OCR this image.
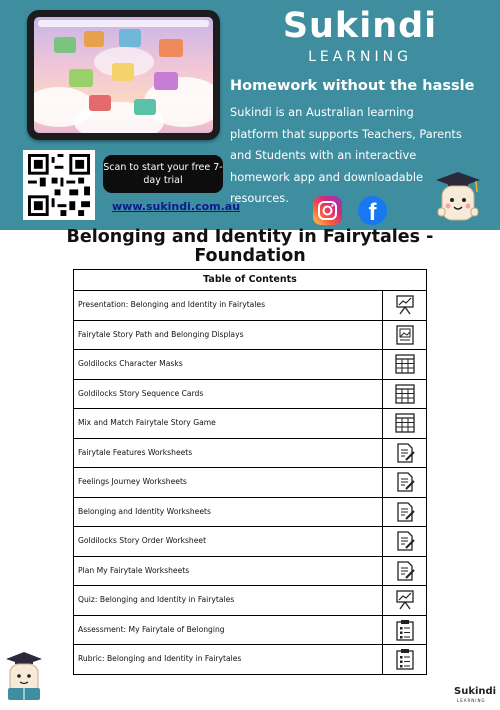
Sukindi
LEARNING
Homework without the hassle
Sukindi is an Australian learning platform that supports Teachers, Parents and Students with an interactive homework app and downloadable resources.
Scan to start your free 7-day trial
www.sukindi.com.au	f
Belonging and Identity in Fairytales - Foundation
Table of Contents
Presentation: Belonging and Identity in Fairytales
Fairytale Story Path and Belonging Displays
Goldilocks Character Masks
Goldilocks Story Sequence Cards
Mix and Match Fairytale Story Game
Fairytale Features Worksheets
Feelings Journey Worksheets
Belonging and Identity Worksheets
Goldilocks Story Order Worksheet
Plan My Fairytale Worksheets
Quiz: Belonging and Identity in Fairytales
Assessment: My Fairytale of Belonging
Rubric: Belonging and Identity in Fairytales
Sukindi
LEARNING
